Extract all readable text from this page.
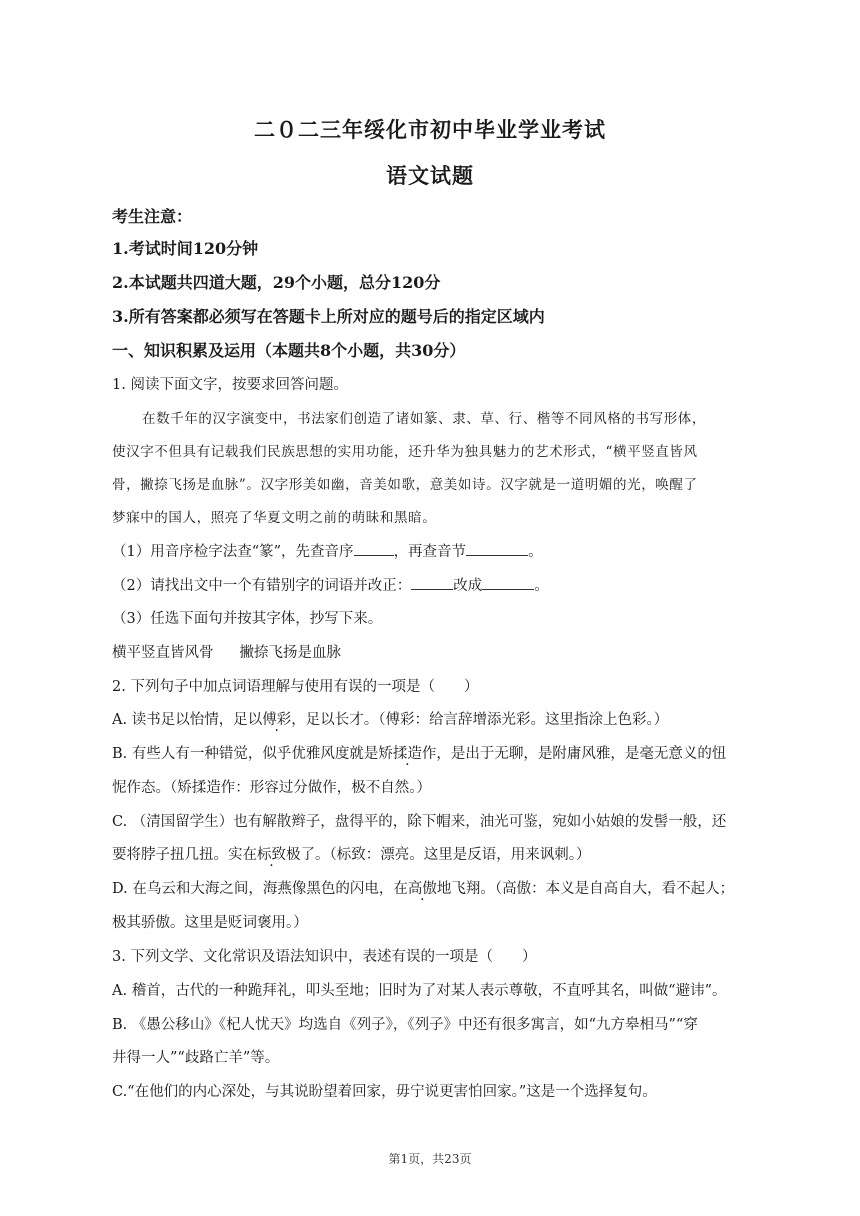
二０二三年绥化市初中毕业学业考试
语文试题
考生注意：
1.考试时间120分钟
2.本试题共四道大题，29个小题，总分120分
3.所有答案都必须写在答题卡上所对应的题号后的指定区域内
一、知识积累及运用（本题共8个小题，共30分）
1. 阅读下面文字，按要求回答问题。
在数千年的汉字演变中，书法家们创造了诸如篆、隶、草、行、楷等不同风格的书写形体，
使汉字不但具有记载我们民族思想的实用功能，还升华为独具魅力的艺术形式，“横平竖直皆风
骨，撇捺飞扬是血脉”。汉字形美如幽，音美如歌，意美如诗。汉字就是一道明媚的光，唤醒了
梦寐中的国人，照亮了华夏文明之前的萌昧和黑暗。
（1）用音序检字法查“篆”，先查音序	，再查音节	。
（2）请找出文中一个有错别字的词语并改正：	改成	。
（3）任选下面句并按其字体，抄写下来。
横平竖直皆风骨 撇捺飞扬是血脉
2. 下列句子中加点词语理解与使用有误的一项是（　　）
A. 读书足以怡情，足以傅彩，足以长才。（傅彩：给言辞增添光彩。这里指涂上色彩。）
B. 有些人有一种错觉，似乎优雅风度就是矫揉造作，是出于无聊，是附庸风雅，是毫无意义的忸
怩作态。（矫揉造作：形容过分做作，极不自然。）
C. （清国留学生）也有解散辫子，盘得平的，除下帽来，油光可鉴，宛如小姑娘的发髻一般，还
要将脖子扭几扭。实在标致极了。（标致：漂亮。这里是反语，用来讽刺。）
D. 在乌云和大海之间，海燕像黑色的闪电，在高傲地飞翔。（高傲：本义是自高自大，看不起人；
极其骄傲。这里是贬词褒用。）
3. 下列文学、文化常识及语法知识中，表述有误的一项是（　　）
A. 稽首，古代的一种跪拜礼，叩头至地；旧时为了对某人表示尊敬，不直呼其名，叫做“避讳”。
B. 《愚公移山》《杞人忧天》均选自《列子》，《列子》中还有很多寓言，如“九方皋相马”“穿
井得一人”“歧路亡羊”等。
C.“在他们的内心深处，与其说盼望着回家，毋宁说更害怕回家。”这是一个选择复句。
第1页，共23页
